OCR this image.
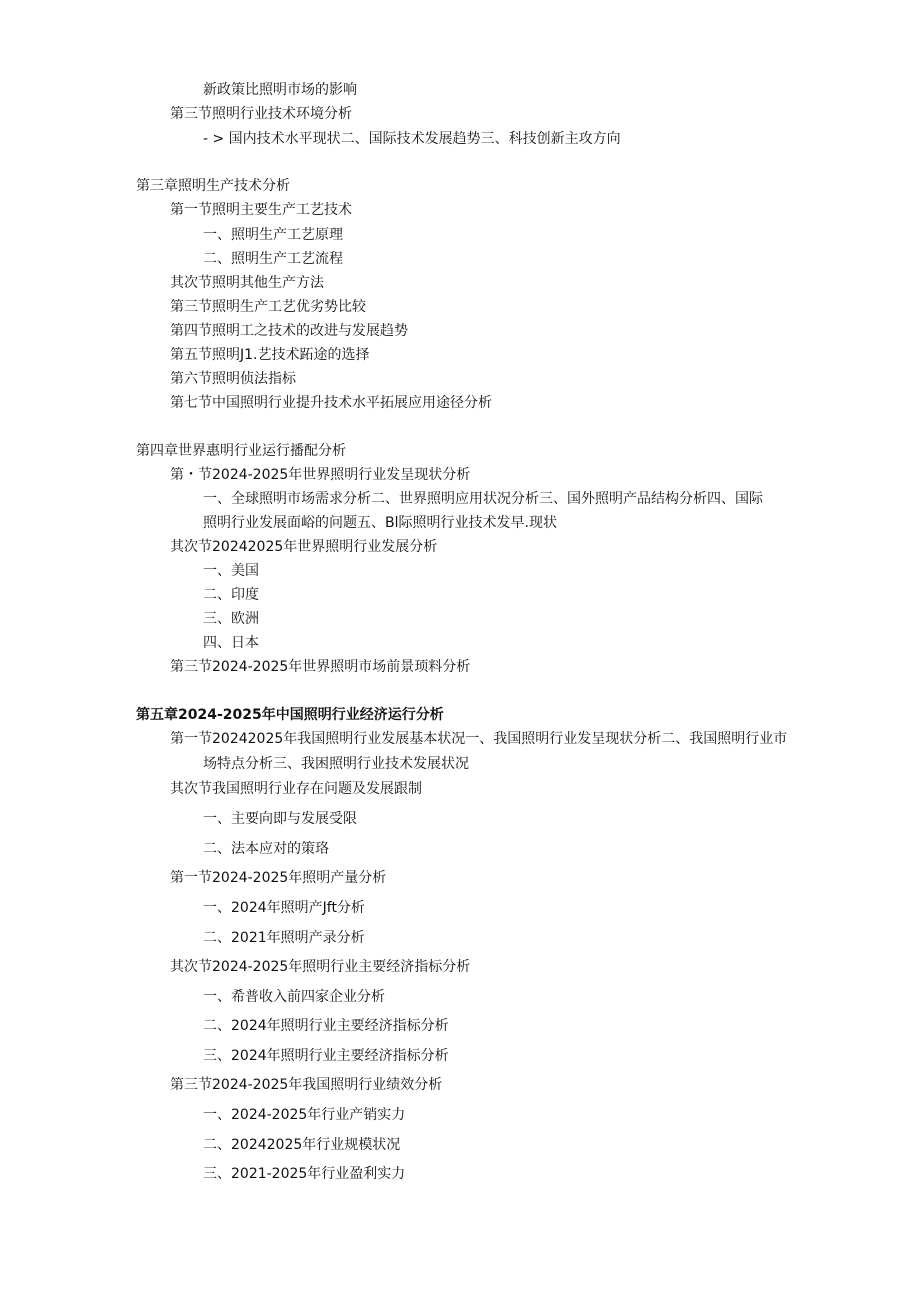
新政策比照明市场的影响
第三节照明行业技术环境分析
- > 国内技术水平现状二、国际技术发展趋势三、科技创新主攻方向
第三章照明生产技术分析
第一节照明主要生产工艺技术
一、照明生产工艺原理
二、照明生产工艺流程
其次节照明其他生产方法
第三节照明生产工艺优劣势比较
第四节照明工之技术的改进与发展趋势
第五节照明J1.艺技术跖途的选择
第六节照明侦法指标
第七节中国照明行业提升技术水平拓展应用途径分析
第四章世界惠明行业运行播配分析
第・节2024-2025年世界照明行业发呈现状分析
一、全球照明市场需求分析二、世界照明应用状况分析三、国外照明产品结构分析四、国际
照明行业发展面峪的问题五、Bl际照明行业技术发早.现状
其次节20242025年世界照明行业发展分析
一、美国
二、印度
三、欧洲
四、日本
第三节2024-2025年世界照明市场前景顼料分析
第五章2024-2025年中国照明行业经济运行分析
第一节20242025年我国照明行业发展基本状况一、我国照明行业发呈现状分析二、我国照明行业市
场特点分析三、我困照明行业技术发展状况
其次节我国照明行业存在问题及发展跟制
一、主要向即与发展受限
二、法本应对的策珞
第一节2024-2025年照明产量分析
一、2024年照明产Jft分析
二、2021年照明产录分析
其次节2024-2025年照明行业主要经济指标分析
一、希普收入前四家企业分析
二、2024年照明行业主要经济指标分析
三、2024年照明行业主要经济指标分析
第三节2024-2025年我国照明行业绩效分析
一、2024-2025年行业产销实力
二、20242025年行业规模状况
三、2021-2025年行业盈利实力
